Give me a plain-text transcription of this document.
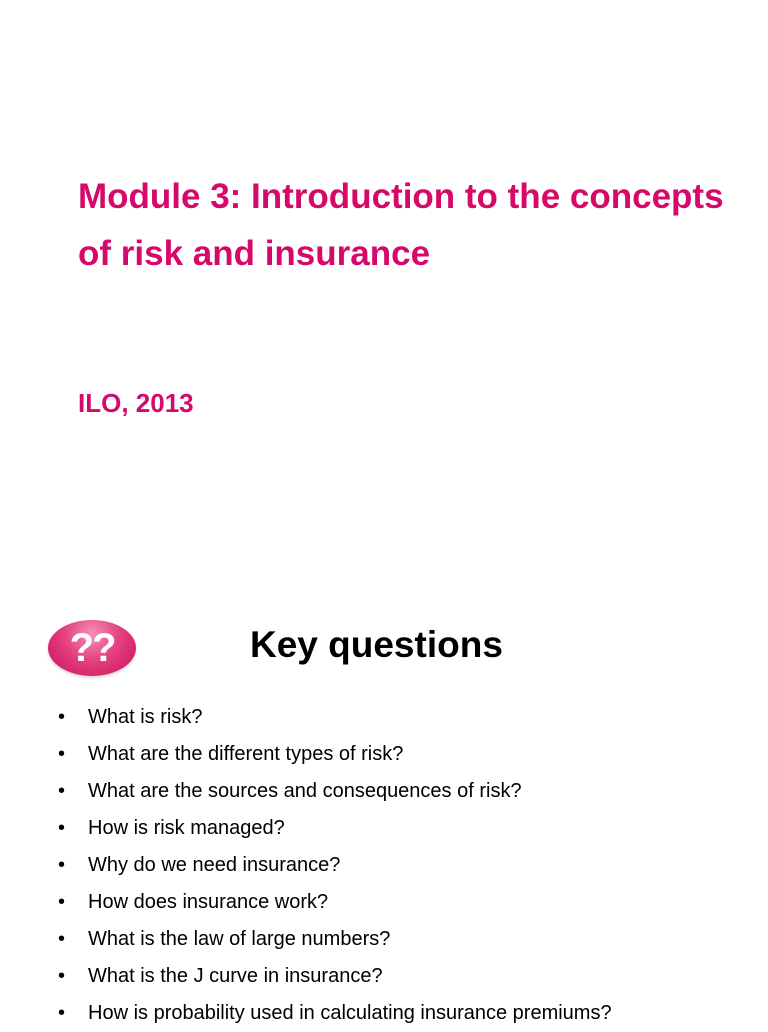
Module 3: Introduction to the concepts of risk and insurance
ILO, 2013
??	Key questions
• What is risk?
• What are the different types of risk?
• What are the sources and consequences of risk?
• How is risk managed?
• Why do we need insurance?
• How does insurance work?
• What is the law of large numbers?
• What is the J curve in insurance?
• How is probability used in calculating insurance premiums?
